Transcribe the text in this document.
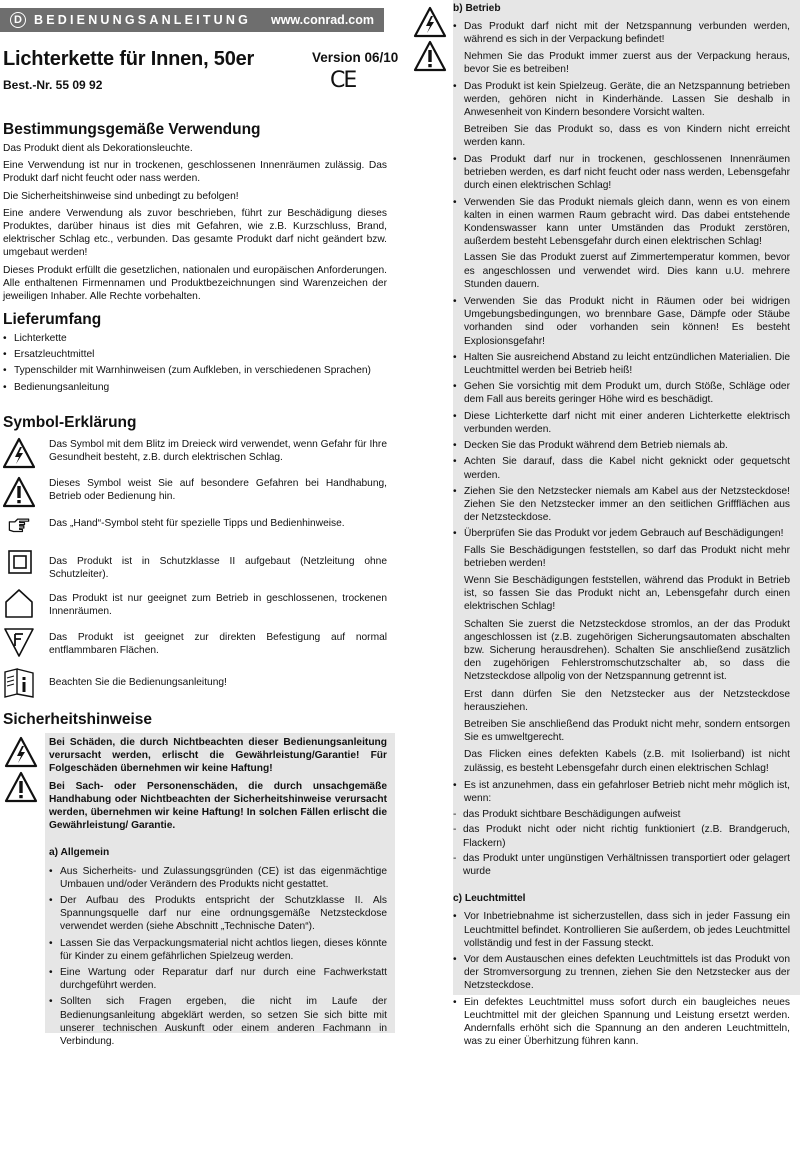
D BEDIENUNGSANLEITUNG www.conrad.com
Lichterkette für Innen, 50er
Best.-Nr. 55 09 92
Version 06/10
CE
Bestimmungsgemäße Verwendung

Das Produkt dient als Dekorationsleuchte.

Eine Verwendung ist nur in trockenen, geschlossenen Innenräumen zulässig. Das Produkt darf nicht feucht oder nass werden.

Die Sicherheitshinweise sind unbedingt zu befolgen!

Eine andere Verwendung als zuvor beschrieben, führt zur Beschädigung dieses Produktes, darüber hinaus ist dies mit Gefahren, wie z.B. Kurzschluss, Brand, elektrischer Schlag etc., verbunden. Das gesamte Produkt darf nicht geändert bzw. umgebaut werden!

Dieses Produkt erfüllt die gesetzlichen, nationalen und europäischen Anforderungen. Alle enthaltenen Firmennamen und Produktbezeichnungen sind Warenzeichen der jeweiligen Inhaber. Alle Rechte vorbehalten.

Lieferumfang
• Lichterkette
• Ersatzleuchtmittel
• Typenschilder mit Warnhinweisen (zum Aufkleben, in verschiedenen Sprachen)
• Bedienungsanleitung
Symbol-Erklärung
Das Symbol mit dem Blitz im Dreieck wird verwendet, wenn Gefahr für Ihre Gesundheit besteht, z.B. durch elektrischen Schlag.
Dieses Symbol weist Sie auf besondere Gefahren bei Handhabung, Betrieb oder Bedienung hin.
Das „Hand“-Symbol steht für spezielle Tipps und Bedienhinweise.
Das Produkt ist in Schutzklasse II aufgebaut (Netzleitung ohne Schutzleiter).
Das Produkt ist nur geeignet zum Betrieb in geschlossenen, trockenen Innenräumen.
Das Produkt ist geeignet zur direkten Befestigung auf normal entflammbaren Flächen.
Beachten Sie die Bedienungsanleitung!
Sicherheitshinweise

Bei Schäden, die durch Nichtbeachten dieser Bedienungsanleitung verursacht werden, erlischt die Gewährleistung/Garantie! Für Folgeschäden übernehmen wir keine Haftung!

Bei Sach- oder Personenschäden, die durch unsachgemäße Handhabung oder Nichtbeachten der Sicherheitshinweise verursacht werden, übernehmen wir keine Haftung! In solchen Fällen erlischt die Gewährleistung/ Garantie.

a) Allgemein
• Aus Sicherheits- und Zulassungsgründen (CE) ist das eigenmächtige Umbauen und/oder Verändern des Produkts nicht gestattet.
• Der Aufbau des Produkts entspricht der Schutzklasse II. Als Spannungsquelle darf nur eine ordnungsgemäße Netzsteckdose verwendet werden (siehe Abschnitt „Technische Daten“).
• Lassen Sie das Verpackungsmaterial nicht achtlos liegen, dieses könnte für Kinder zu einem gefährlichen Spielzeug werden.
• Eine Wartung oder Reparatur darf nur durch eine Fachwerkstatt durchgeführt werden.
• Sollten sich Fragen ergeben, die nicht im Laufe der Bedienungsanleitung abgeklärt werden, so setzen Sie sich bitte mit unserer technischen Auskunft oder einem anderen Fachmann in Verbindung.
b) Betrieb
• Das Produkt darf nicht mit der Netzspannung verbunden werden, während es sich in der Verpackung befindet!

Nehmen Sie das Produkt immer zuerst aus der Verpackung heraus, bevor Sie es betreiben!

• Das Produkt ist kein Spielzeug. Geräte, die an Netzspannung betrieben werden, gehören nicht in Kinderhände. Lassen Sie deshalb in Anwesenheit von Kindern besondere Vorsicht walten.

Betreiben Sie das Produkt so, dass es von Kindern nicht erreicht werden kann.

• Das Produkt darf nur in trockenen, geschlossenen Innenräumen betrieben werden, es darf nicht feucht oder nass werden, Lebensgefahr durch einen elektrischen Schlag!
• Verwenden Sie das Produkt niemals gleich dann, wenn es von einem kalten in einen warmen Raum gebracht wird. Das dabei entstehende Kondenswasser kann unter Umständen das Produkt zerstören, außerdem besteht Lebensgefahr durch einen elektrischen Schlag!

Lassen Sie das Produkt zuerst auf Zimmertemperatur kommen, bevor es angeschlossen und verwendet wird. Dies kann u.U. mehrere Stunden dauern.

• Verwenden Sie das Produkt nicht in Räumen oder bei widrigen Umgebungsbedingungen, wo brennbare Gase, Dämpfe oder Stäube vorhanden sind oder vorhanden sein können! Es besteht Explosionsgefahr!
• Halten Sie ausreichend Abstand zu leicht entzündlichen Materialien. Die Leuchtmittel werden bei Betrieb heiß!
• Gehen Sie vorsichtig mit dem Produkt um, durch Stöße, Schläge oder dem Fall aus bereits geringer Höhe wird es beschädigt.
• Diese Lichterkette darf nicht mit einer anderen Lichterkette elektrisch verbunden werden.
• Decken Sie das Produkt während dem Betrieb niemals ab.
• Achten Sie darauf, dass die Kabel nicht geknickt oder gequetscht werden.
• Ziehen Sie den Netzstecker niemals am Kabel aus der Netzsteckdose! Ziehen Sie den Netzstecker immer an den seitlichen Griffflächen aus der Netzsteckdose.
• Überprüfen Sie das Produkt vor jedem Gebrauch auf Beschädigungen!

Falls Sie Beschädigungen feststellen, so darf das Produkt nicht mehr betrieben werden!

Wenn Sie Beschädigungen feststellen, während das Produkt in Betrieb ist, so fassen Sie das Produkt nicht an, Lebensgefahr durch einen elektrischen Schlag!

Schalten Sie zuerst die Netzsteckdose stromlos, an der das Produkt angeschlossen ist (z.B. zugehörigen Sicherungsautomaten abschalten bzw. Sicherung herausdrehen). Schalten Sie anschließend zusätzlich den zugehörigen Fehlerstromschutzschalter ab, so dass die Netzsteckdose allpolig von der Netzspannung getrennt ist.

Erst dann dürfen Sie den Netzstecker aus der Netzsteckdose herausziehen.

Betreiben Sie anschließend das Produkt nicht mehr, sondern entsorgen Sie es umweltgerecht.

Das Flicken eines defekten Kabels (z.B. mit Isolierband) ist nicht zulässig, es besteht Lebensgefahr durch einen elektrischen Schlag!

• Es ist anzunehmen, dass ein gefahrloser Betrieb nicht mehr möglich ist, wenn:
- das Produkt sichtbare Beschädigungen aufweist
- das Produkt nicht oder nicht richtig funktioniert (z.B. Brandgeruch, Flackern)
- das Produkt unter ungünstigen Verhältnissen transportiert oder gelagert wurde
c) Leuchtmittel
• Vor Inbetriebnahme ist sicherzustellen, dass sich in jeder Fassung ein Leuchtmittel befindet. Kontrollieren Sie außerdem, ob jedes Leuchtmittel vollständig und fest in der Fassung steckt.
• Vor dem Austauschen eines defekten Leuchtmittels ist das Produkt von der Stromversorgung zu trennen, ziehen Sie den Netzstecker aus der Netzsteckdose.
• Ein defektes Leuchtmittel muss sofort durch ein baugleiches neues Leuchtmittel mit der gleichen Spannung und Leistung ersetzt werden. Andernfalls erhöht sich die Spannung an den anderen Leuchtmitteln, was zu einer Überhitzung führen kann.
